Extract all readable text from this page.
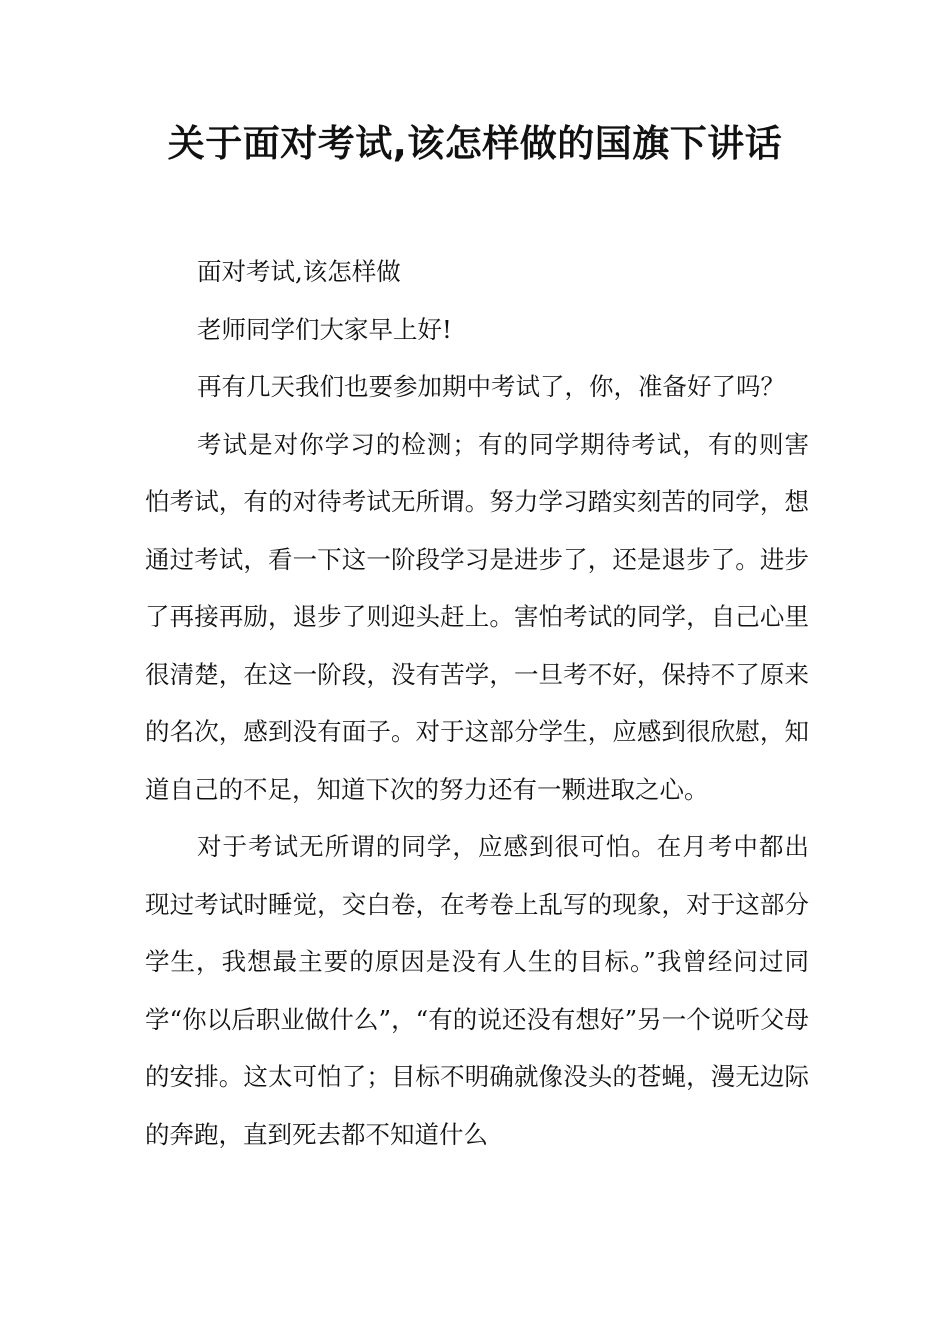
关于面对考试,该怎样做的国旗下讲话

面对考试,该怎样做

老师同学们大家早上好!

再有几天我们也要参加期中考试了，你，准备好了吗？

考试是对你学习的检测；有的同学期待考试，有的则害怕考试，有的对待考试无所谓。努力学习踏实刻苦的同学，想通过考试，看一下这一阶段学习是进步了，还是退步了。进步了再接再励，退步了则迎头赶上。害怕考试的同学，自己心里很清楚，在这一阶段，没有苦学，一旦考不好，保持不了原来的名次，感到没有面子。对于这部分学生，应感到很欣慰，知道自己的不足，知道下次的努力还有一颗进取之心。

对于考试无所谓的同学，应感到很可怕。在月考中都出现过考试时睡觉，交白卷，在考卷上乱写的现象，对于这部分学生，我想最主要的原因是没有人生的目标。”我曾经问过同学“你以后职业做什么”，“有的说还没有想好”另一个说听父母的安排。这太可怕了；目标不明确就像没头的苍蝇，漫无边际的奔跑，直到死去都不知道什么
